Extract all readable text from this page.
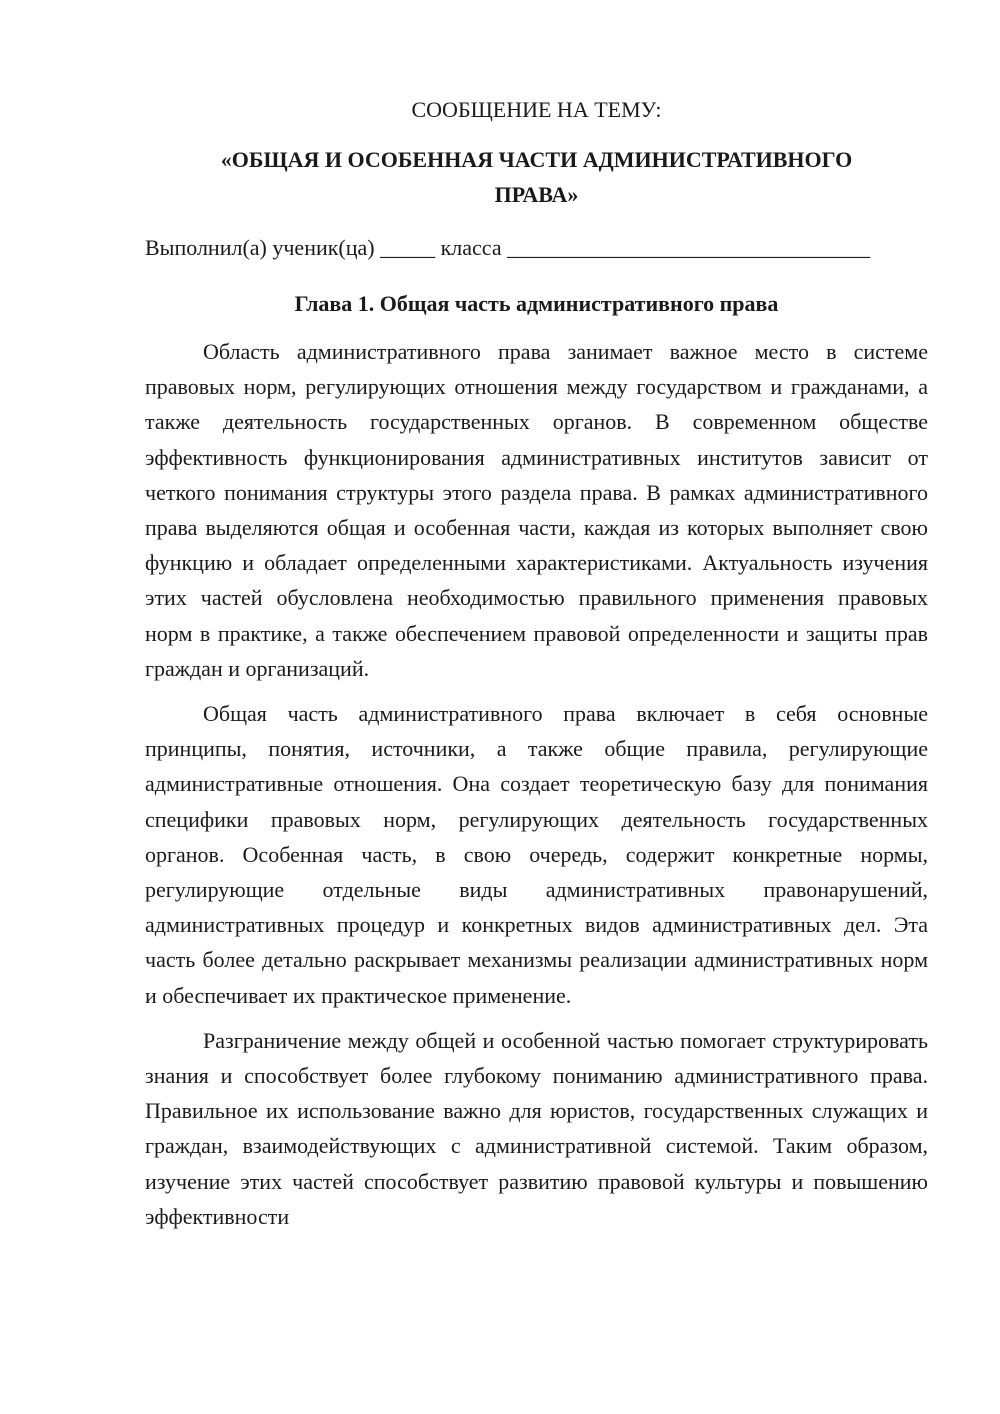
СООБЩЕНИЕ НА ТЕМУ:
«ОБЩАЯ И ОСОБЕННАЯ ЧАСТИ АДМИНИСТРАТИВНОГО ПРАВА»
Выполнил(а) ученик(ца) _____ класса _________________________________
Глава 1. Общая часть административного права

Область административного права занимает важное место в системе правовых норм, регулирующих отношения между государством и гражданами, а также деятельность государственных органов. В современном обществе эффективность функционирования административных институтов зависит от четкого понимания структуры этого раздела права. В рамках административного права выделяются общая и особенная части, каждая из которых выполняет свою функцию и обладает определенными характеристиками. Актуальность изучения этих частей обусловлена необходимостью правильного применения правовых норм в практике, а также обеспечением правовой определенности и защиты прав граждан и организаций.

Общая часть административного права включает в себя основные принципы, понятия, источники, а также общие правила, регулирующие административные отношения. Она создает теоретическую базу для понимания специфики правовых норм, регулирующих деятельность государственных органов. Особенная часть, в свою очередь, содержит конкретные нормы, регулирующие отдельные виды административных правонарушений, административных процедур и конкретных видов административных дел. Эта часть более детально раскрывает механизмы реализации административных норм и обеспечивает их практическое применение.

Разграничение между общей и особенной частью помогает структурировать знания и способствует более глубокому пониманию административного права. Правильное их использование важно для юристов, государственных служащих и граждан, взаимодействующих с административной системой. Таким образом, изучение этих частей способствует развитию правовой культуры и повышению эффективности
